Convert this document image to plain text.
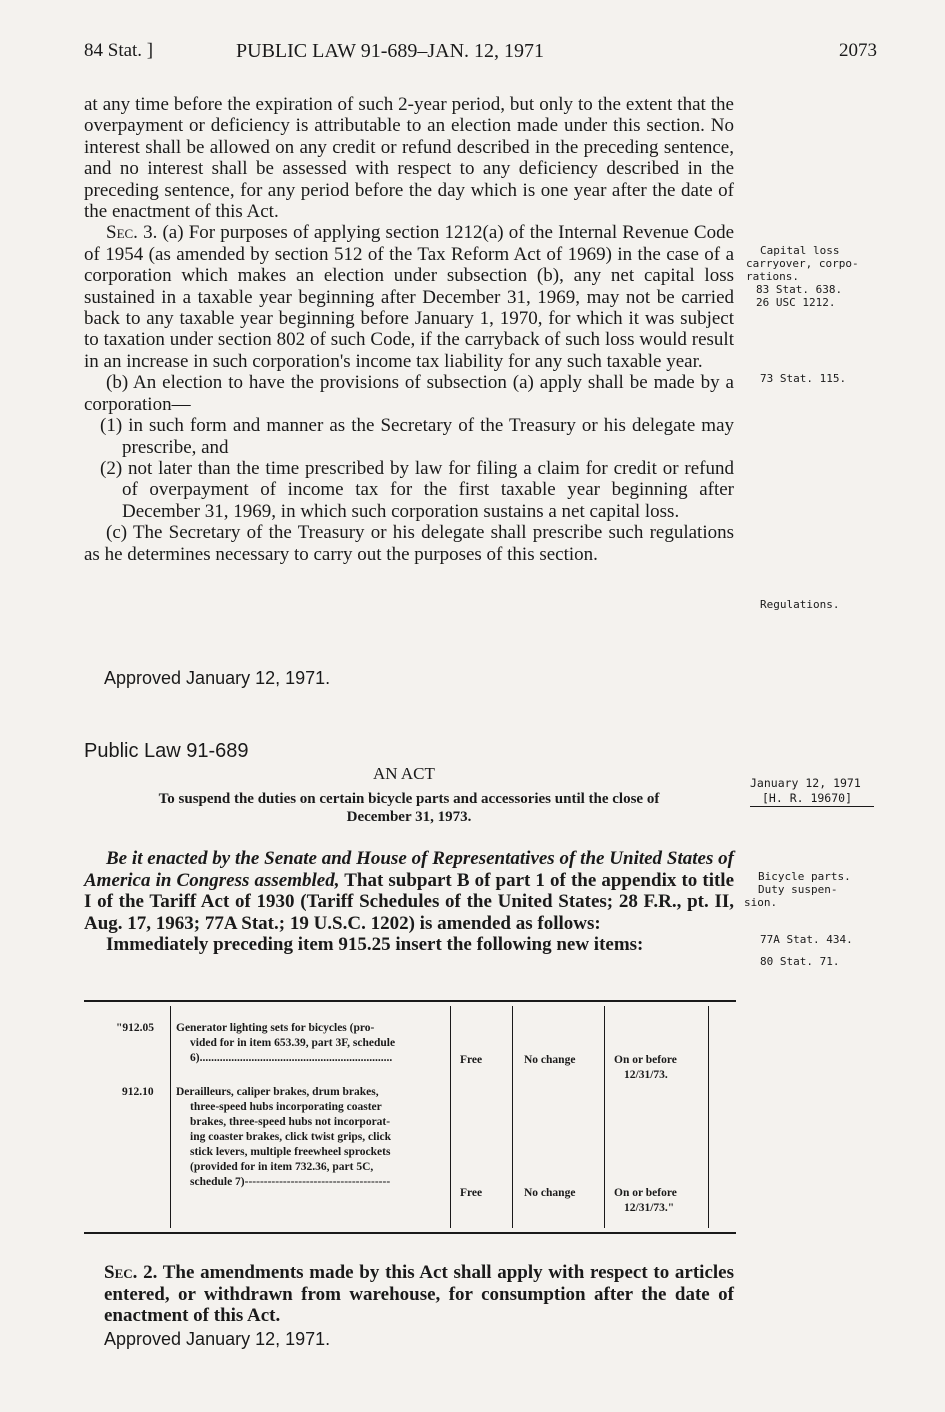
84 Stat. ]	PUBLIC LAW 91-689–JAN. 12, 1971	2073

at any time before the expiration of such 2-year period, but only to the extent that the overpayment or deficiency is attributable to an election made under this section. No interest shall be allowed on any credit or refund described in the preceding sentence, and no interest shall be assessed with respect to any deficiency described in the preceding sentence, for any period before the day which is one year after the date of the enactment of this Act.

Sec. 3. (a) For purposes of applying section 1212(a) of the Internal Revenue Code of 1954 (as amended by section 512 of the Tax Reform Act of 1969) in the case of a corporation which makes an election under subsection (b), any net capital loss sustained in a taxable year beginning after December 31, 1969, may not be carried back to any taxable year beginning before January 1, 1970, for which it was subject to taxation under section 802 of such Code, if the carryback of such loss would result in an increase in such corporation's income tax liability for any such taxable year.

(b) An election to have the provisions of subsection (a) apply shall be made by a corporation—

(1) in such form and manner as the Secretary of the Treasury or his delegate may prescribe, and

(2) not later than the time prescribed by law for filing a claim for credit or refund of overpayment of income tax for the first taxable year beginning after December 31, 1969, in which such corporation sustains a net capital loss.

(c) The Secretary of the Treasury or his delegate shall prescribe such regulations as he determines necessary to carry out the purposes of this section.

Approved January 12, 1971.
Capital loss
carryover, corpo-
rations.
83 Stat. 638.
26 USC 1212.
73 Stat. 115.
Regulations.
Public Law 91-689
AN ACT
To suspend the duties on certain bicycle parts and accessories until the close of
December 31, 1973.
January 12, 1971
[H. R. 19670]

Be it enacted by the Senate and House of Representatives of the United States of America in Congress assembled, That subpart B of part 1 of the appendix to title I of the Tariff Act of 1930 (Tariff Schedules of the United States; 28 F.R., pt. II, Aug. 17, 1963; 77A Stat.; 19 U.S.C. 1202) is amended as follows:

Immediately preceding item 915.25 insert the following new items:

Bicycle parts.
Duty suspen-
sion.
77A Stat. 434.
80 Stat. 71.
"912.05 Generator lighting sets for bicycles (pro-
vided for in item 653.39, part 3F, schedule
6)...................................................................	Free	No change	On or before
12/31/73.
912.10 Derailleurs, caliper brakes, drum brakes,
three-speed hubs incorporating coaster
brakes, three-speed hubs not incorporat-
ing coaster brakes, click twist grips, click
stick levers, multiple freewheel sprockets
(provided for in item 732.36, part 5C,
schedule 7)--------------------------------------
Free	No change	On or before
12/31/73."

Sec. 2. The amendments made by this Act shall apply with respect to articles entered, or withdrawn from warehouse, for consumption after the date of enactment of this Act.

Approved January 12, 1971.
